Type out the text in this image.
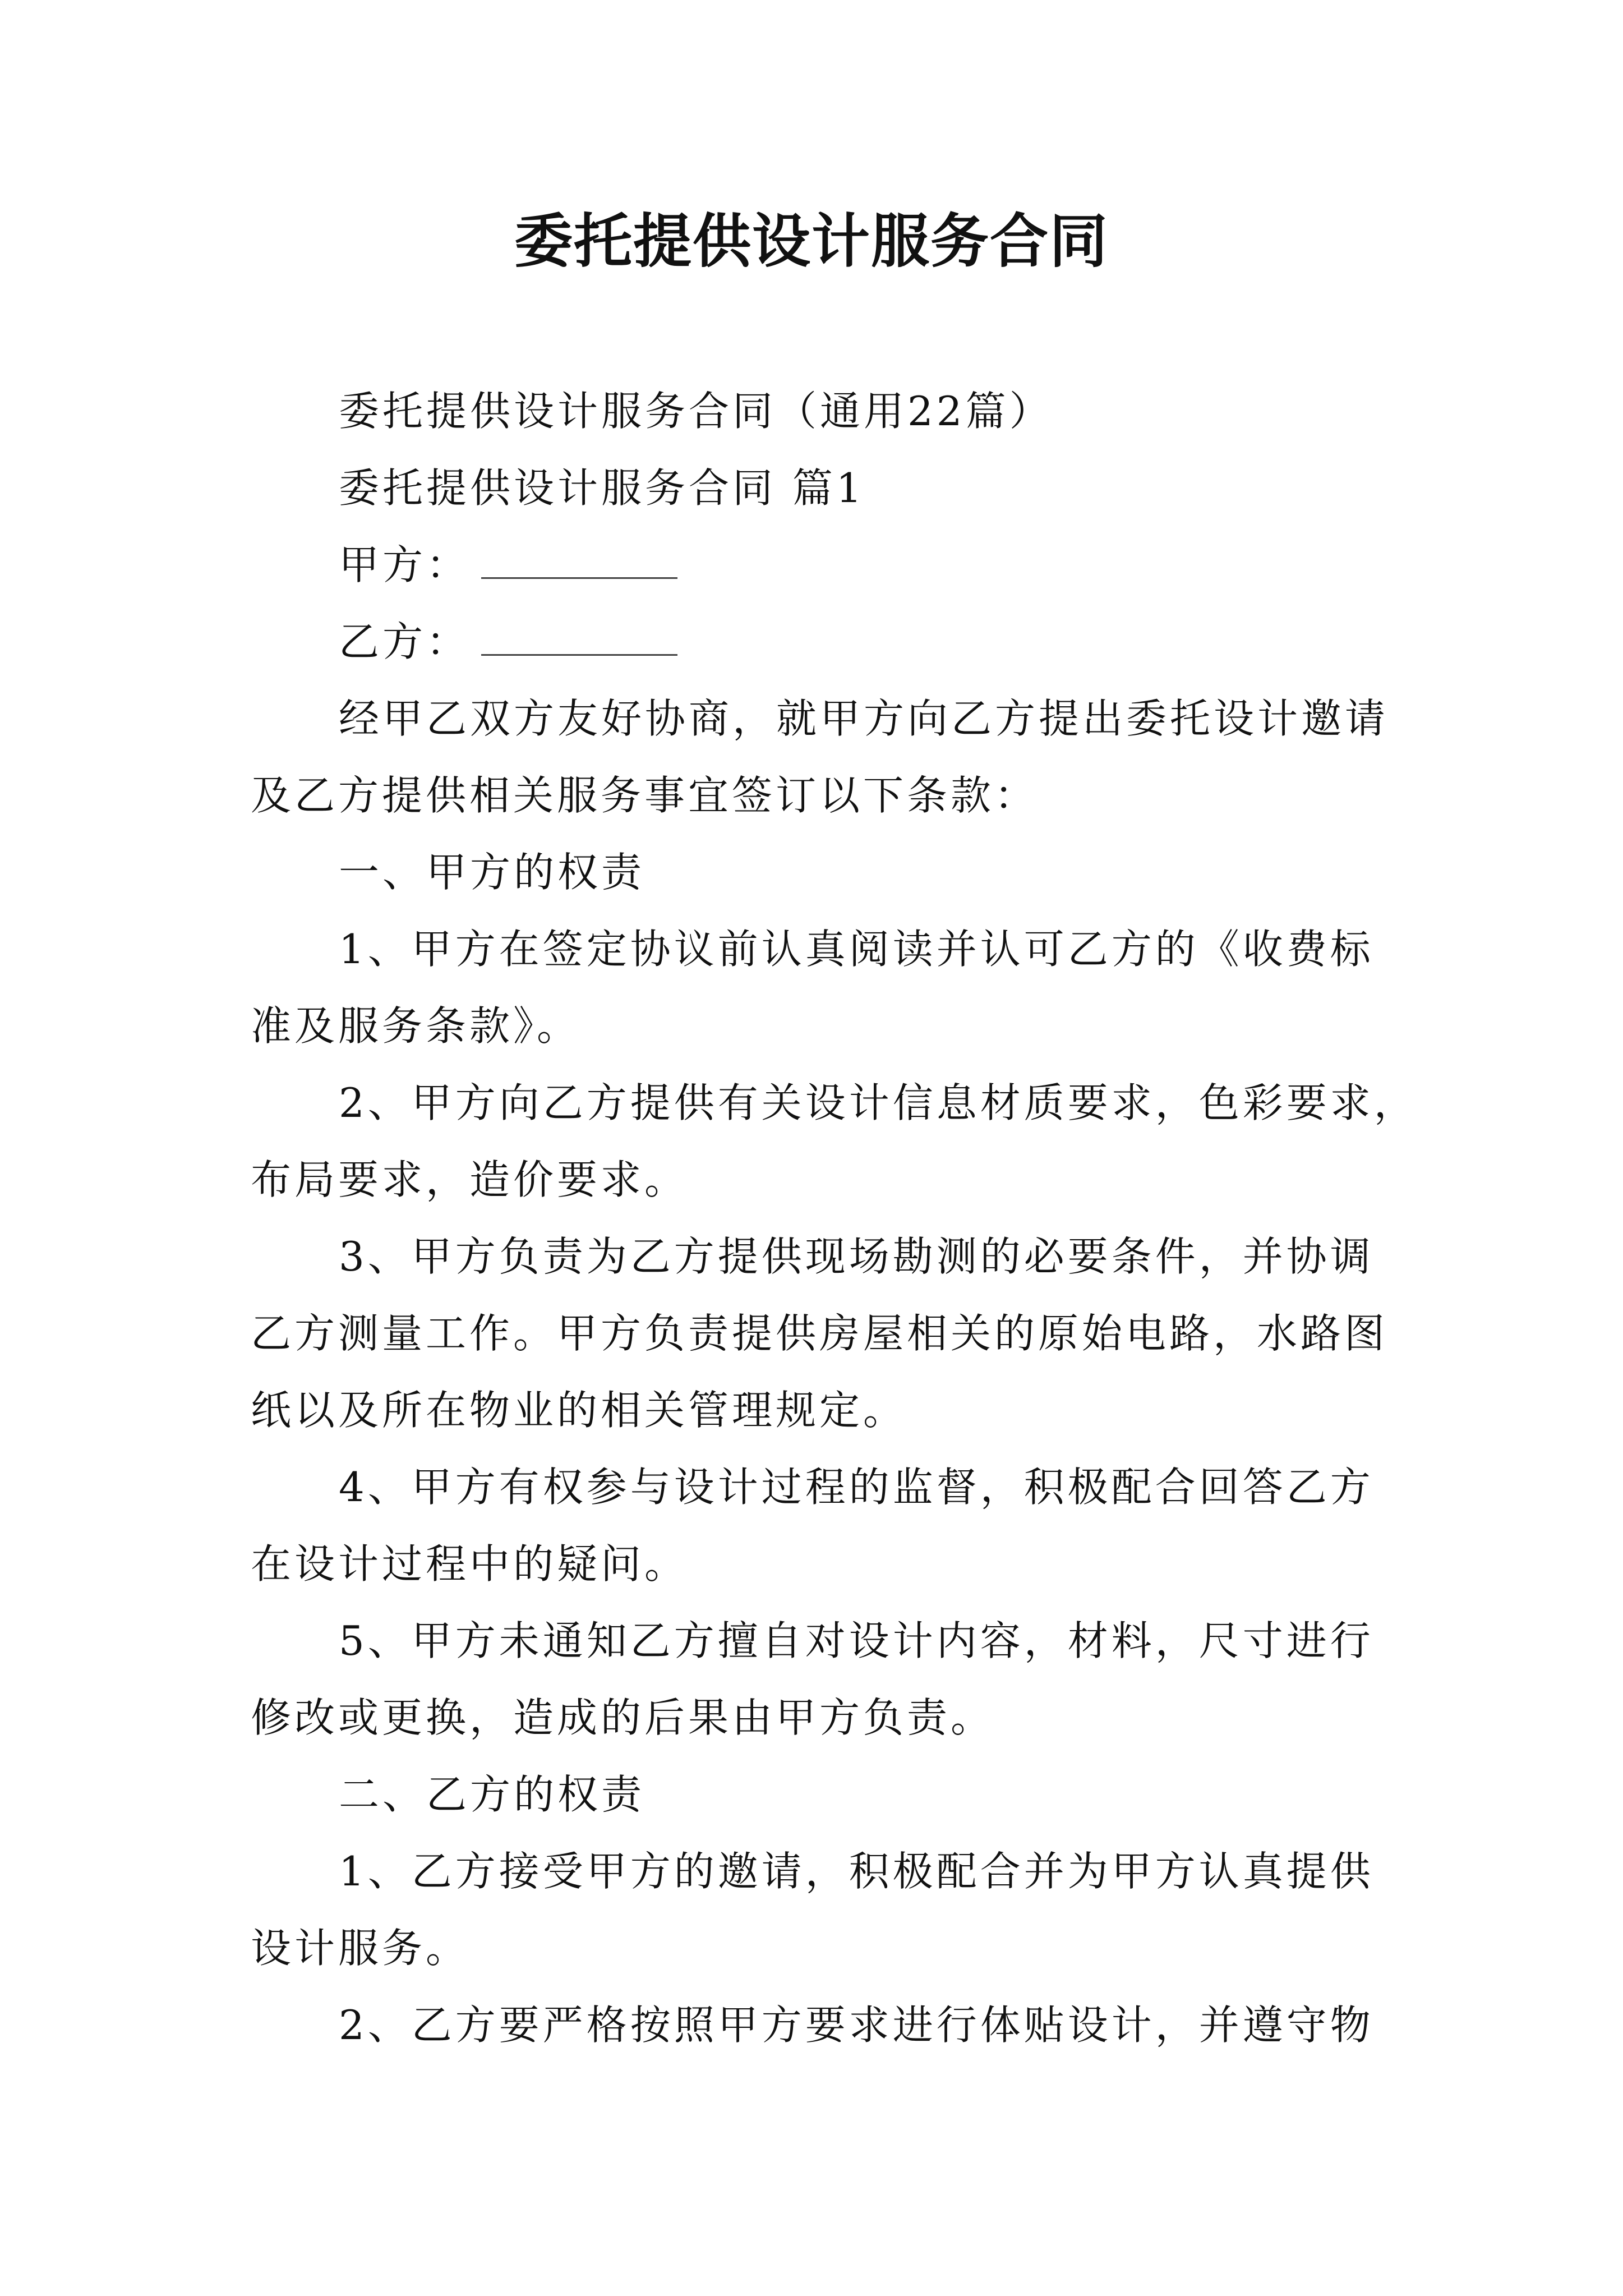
委托提供设计服务合同
委托提供设计服务合同（通用22篇）
委托提供设计服务合同 篇1
甲方：
乙方：
经甲乙双方友好协商，就甲方向乙方提出委托设计邀请
及乙方提供相关服务事宜签订以下条款：
一、甲方的权责
1、甲方在签定协议前认真阅读并认可乙方的《收费标
准及服务条款》。
2、甲方向乙方提供有关设计信息材质要求，色彩要求，
布局要求，造价要求。
3、甲方负责为乙方提供现场勘测的必要条件，并协调
乙方测量工作。甲方负责提供房屋相关的原始电路，水路图
纸以及所在物业的相关管理规定。
4、甲方有权参与设计过程的监督，积极配合回答乙方
在设计过程中的疑问。
5、甲方未通知乙方擅自对设计内容，材料，尺寸进行
修改或更换，造成的后果由甲方负责。
二、乙方的权责
1、乙方接受甲方的邀请，积极配合并为甲方认真提供
设计服务。
2、乙方要严格按照甲方要求进行体贴设计，并遵守物
